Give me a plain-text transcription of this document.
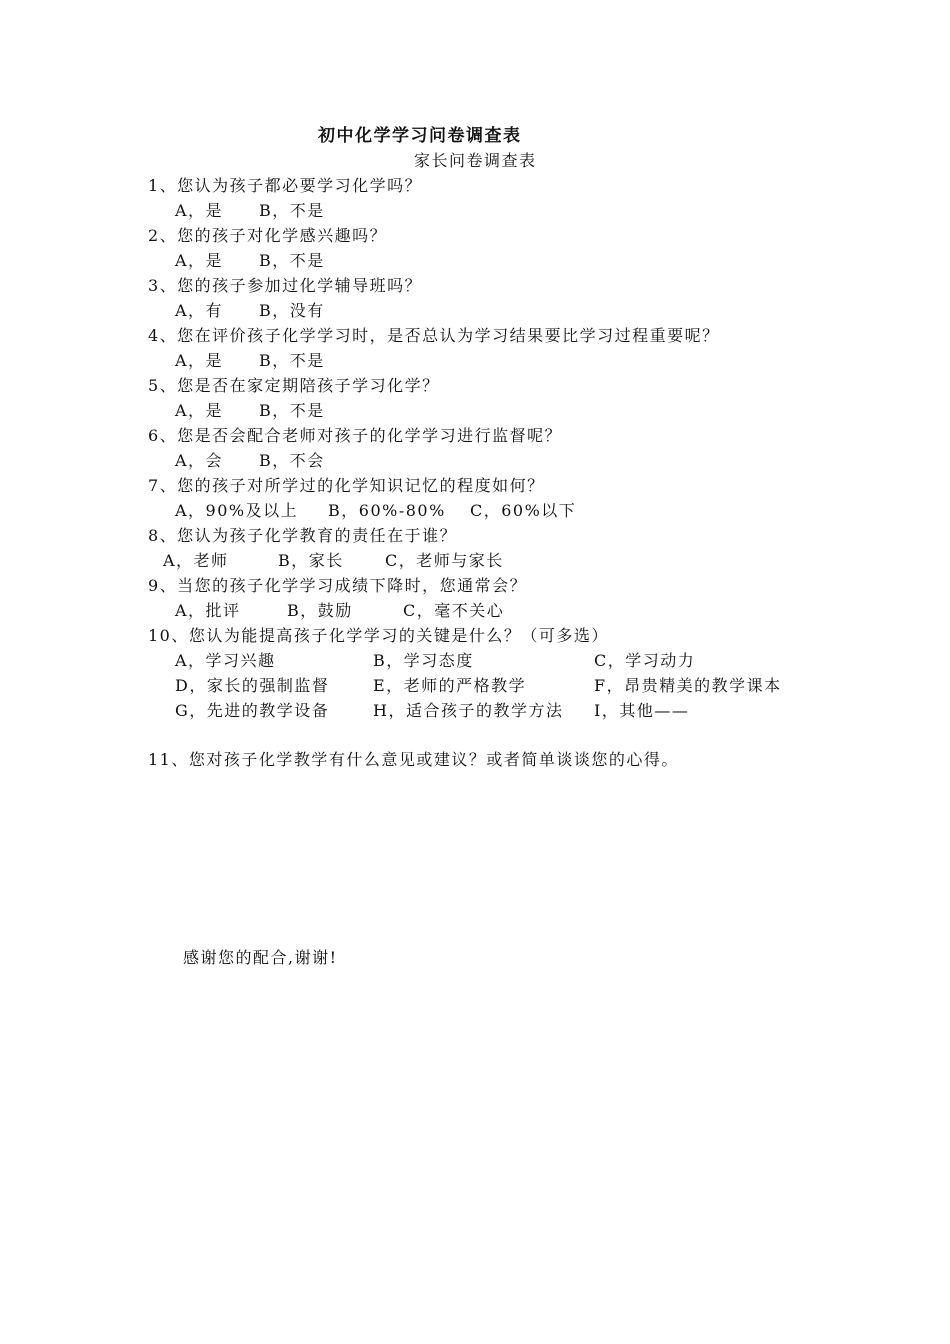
初中化学学习问卷调查表
家长问卷调查表
1、您认为孩子都必要学习化学吗？
A，是 B，不是
2、您的孩子对化学感兴趣吗？
A，是 B，不是
3、您的孩子参加过化学辅导班吗？
A，有 B，没有
4、您在评价孩子化学学习时，是否总认为学习结果要比学习过程重要呢？
A，是 B，不是
5、您是否在家定期陪孩子学习化学？
A，是 B，不是
6、您是否会配合老师对孩子的化学学习进行监督呢？
A，会 B，不会
7、您的孩子对所学过的化学知识记忆的程度如何？
A，90%及以上 B，60%-80% C，60%以下
8、您认为孩子化学教育的责任在于谁？
A，老师	B，家长	C，老师与家长
9、当您的孩子化学学习成绩下降时，您通常会？
A，批评	B，鼓励	C，毫不关心
10、您认为能提高孩子化学学习的关键是什么？（可多选）
A，学习兴趣	B，学习态度	C，学习动力
D，家长的强制监督	E，老师的严格教学	F，昂贵精美的教学课本
G，先进的教学设备	H，适合孩子的教学方法 I，其他——
11、您对孩子化学教学有什么意见或建议？或者简单谈谈您的心得。
感谢您的配合,谢谢!
